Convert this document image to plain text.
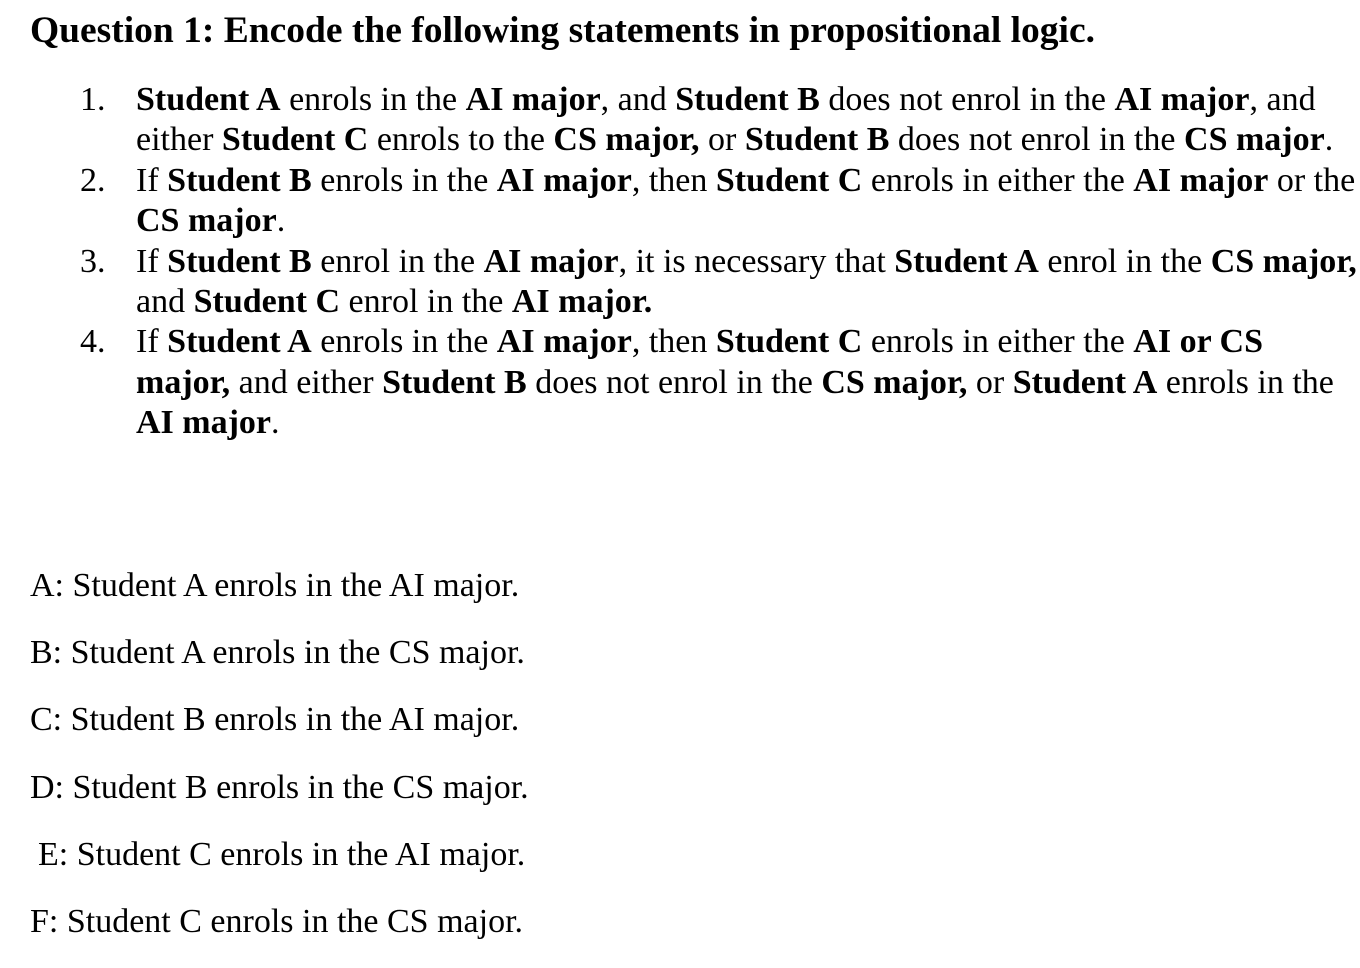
Question 1: Encode the following statements in propositional logic.
1. Student A enrols in the AI major, and Student B does not enrol in the AI major, and either Student C enrols to the CS major, or Student B does not enrol in the CS major.
2. If Student B enrols in the AI major, then Student C enrols in either the AI major or the CS major.
3. If Student B enrol in the AI major, it is necessary that Student A enrol in the CS major, and Student C enrol in the AI major.
4. If Student A enrols in the AI major, then Student C enrols in either the AI or CS major, and either Student B does not enrol in the CS major, or Student A enrols in the AI major.
A: Student A enrols in the AI major.
B: Student A enrols in the CS major.
C: Student B enrols in the AI major.
D: Student B enrols in the CS major.
E: Student C enrols in the AI major.
F: Student C enrols in the CS major.
